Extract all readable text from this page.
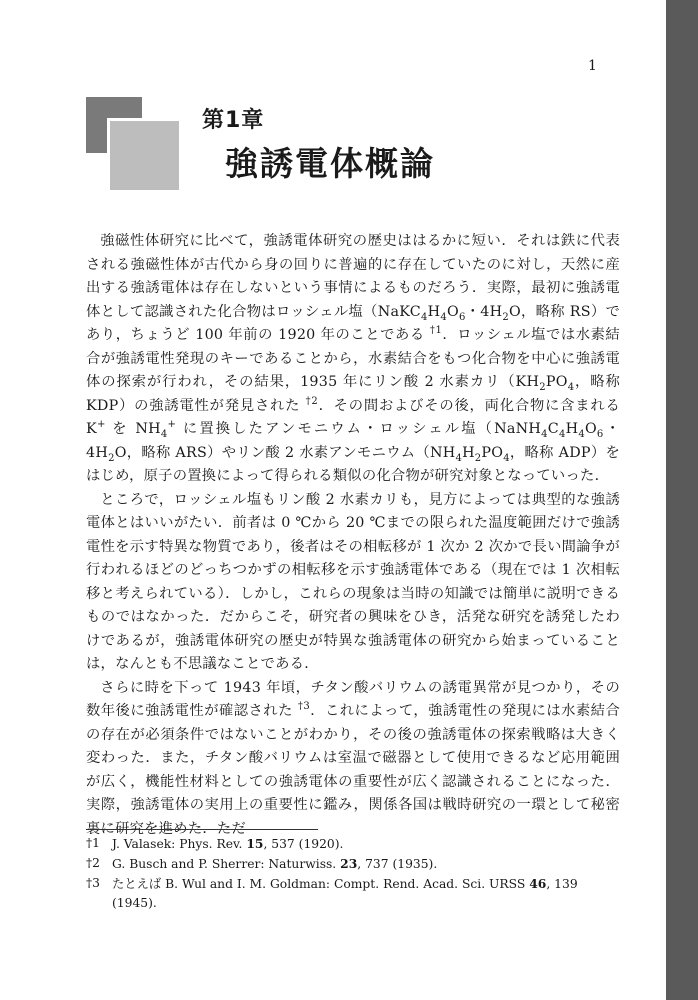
1
第1章
強誘電体概論

強磁性体研究に比べて，強誘電体研究の歴史ははるかに短い．それは鉄に代表される強磁性体が古代から身の回りに普遍的に存在していたのに対し，天然に産出する強誘電体は存在しないという事情によるものだろう．実際，最初に強誘電体として認識された化合物はロッシェル塩（$NaKC_4H_4O_6$・$4H_2O$，略称 RS）であり，ちょうど 100 年前の 1920 年のことである $^{\dagger 1}$．ロッシェル塩では水素結合が強誘電性発現のキーであることから，水素結合をもつ化合物を中心に強誘電体の探索が行われ，その結果，1935 年にリン酸 2 水素カリ（$KH_2PO_4$，略称 KDP）の強誘電性が発見された $^{\dagger 2}$．その間およびその後，両化合物に含まれる K+ を $NH_4^+$ に置換したアンモニウム・ロッシェル塩（$NaNH_4C_4H_4O_6$・$4H_2O$，略称 ARS）やリン酸 2 水素アンモニウム（$NH_4H_2PO_4$，略称 ADP）をはじめ，原子の置換によって得られる類似の化合物が研究対象となっていった．

ところで，ロッシェル塩もリン酸 2 水素カリも，見方によっては典型的な強誘電体とはいいがたい．前者は 0 ℃から 20 ℃までの限られた温度範囲だけで強誘電性を示す特異な物質であり，後者はその相転移が 1 次か 2 次かで長い間論争が行われるほどのどっちつかずの相転移を示す強誘電体である（現在では 1 次相転移と考えられている）．しかし，これらの現象は当時の知識では簡単に説明できるものではなかった．だからこそ，研究者の興味をひき，活発な研究を誘発したわけであるが，強誘電体研究の歴史が特異な強誘電体の研究から始まっていることは，なんとも不思議なことである．

さらに時を下って 1943 年頃，チタン酸バリウムの誘電異常が見つかり，その数年後に強誘電性が確認された $^{\dagger 3}$．これによって，強誘電性の発現には水素結合の存在が必須条件ではないことがわかり，その後の強誘電体の探索戦略は大きく変わった．また，チタン酸バリウムは室温で磁器として使用できるなど応用範囲が広く，機能性材料としての強誘電体の重要性が広く認識されることになった．実際，強誘電体の実用上の重要性に鑑み，関係各国は戦時研究の一環として秘密裏に研究を進めた．ただ

†1 J. Valasek: Phys. Rev. 15, 537 (1920).
†2 G. Busch and P. Sherrer: Naturwiss. 23, 737 (1935).
†3 たとえば B. Wul and I. M. Goldman: Compt. Rend. Acad. Sci. URSS 46, 139 (1945).
